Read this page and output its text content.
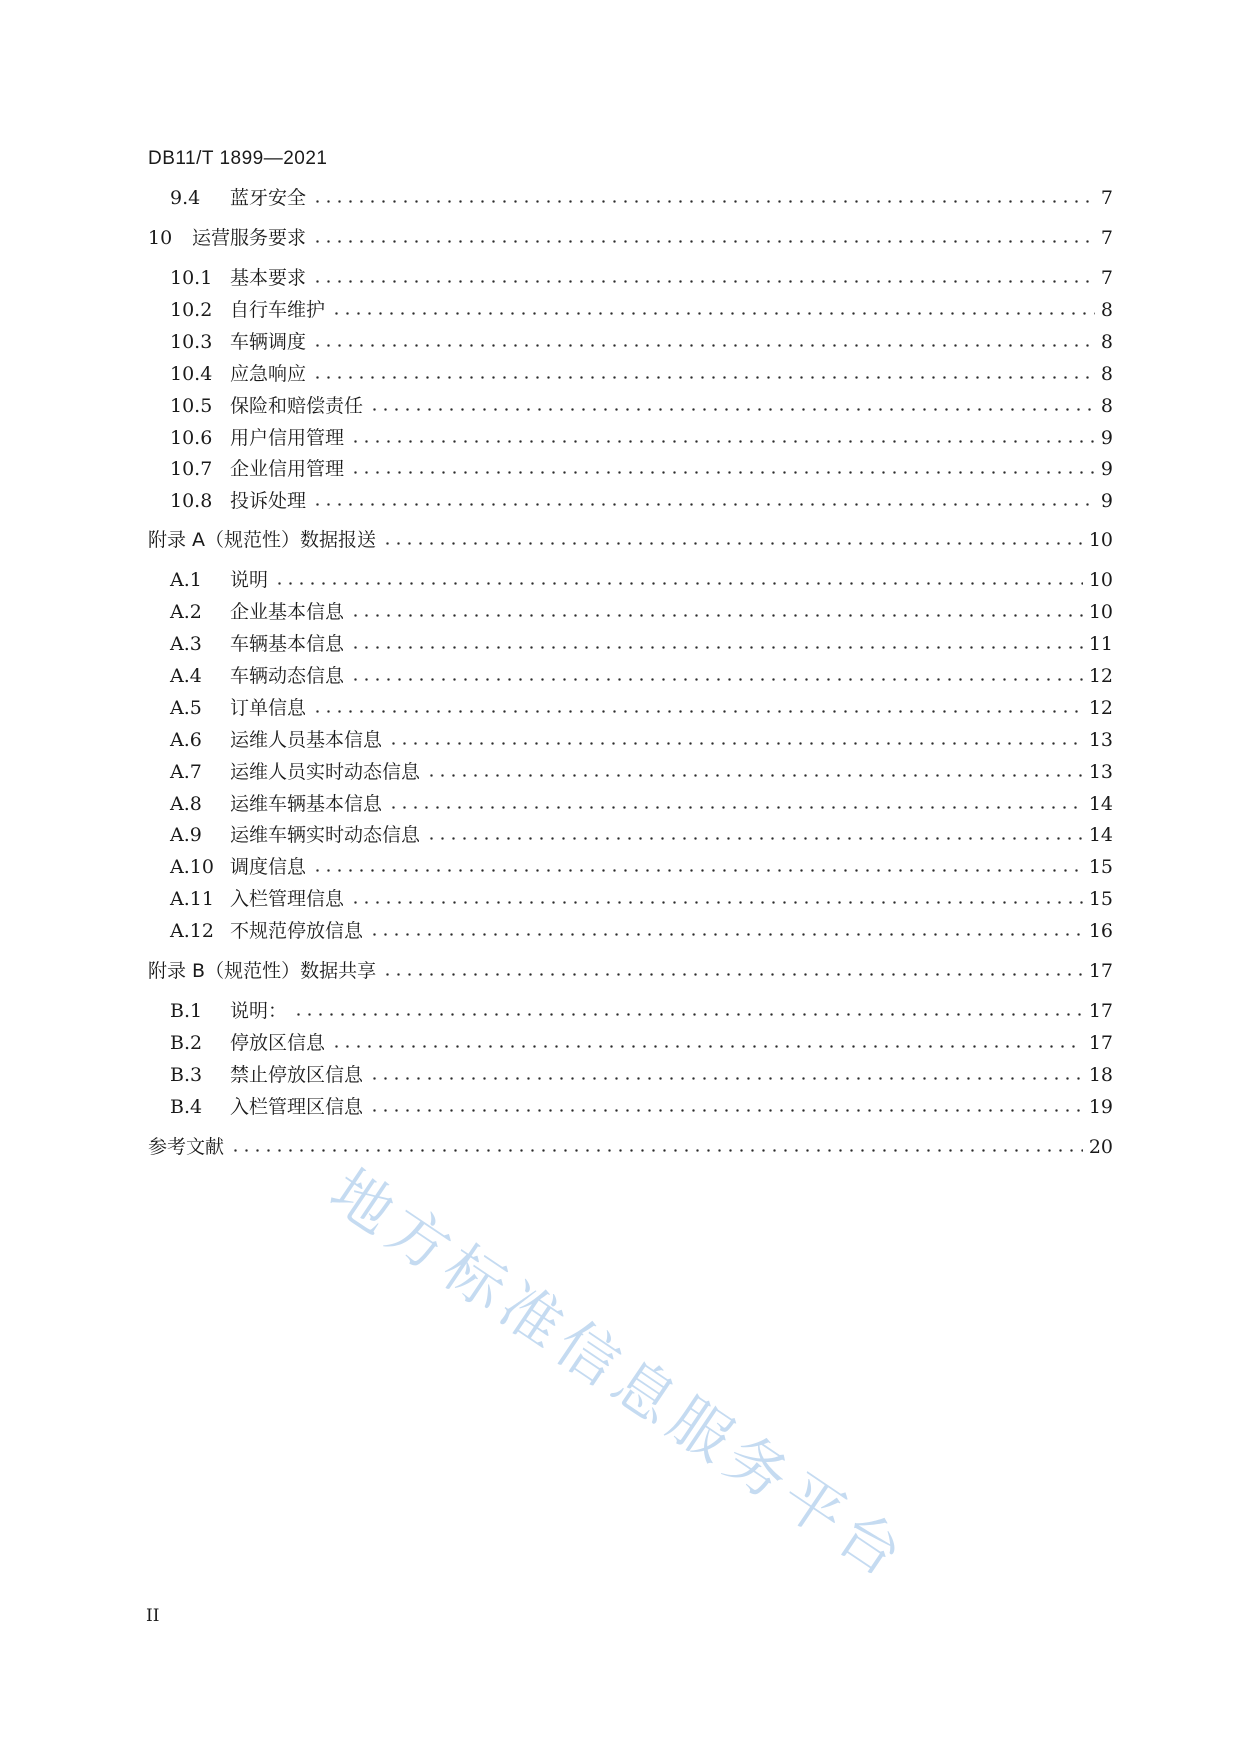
DB11/T 1899—2021
9.4	蓝牙安全	7
10	运营服务要求	7
10.1 基本要求	7
10.2 自行车维护	8
10.3 车辆调度	8
10.4 应急响应	8
10.5 保险和赔偿责任	8
10.6 用户信用管理	9
10.7 企业信用管理	9
10.8 投诉处理	9
附录 A（规范性）数据报送	10
A.1	说明	10
A.2	企业基本信息	10
A.3	车辆基本信息	11
A.4	车辆动态信息	12
A.5	订单信息	12
A.6	运维人员基本信息	13
A.7	运维人员实时动态信息	13
A.8	运维车辆基本信息	14
A.9	运维车辆实时动态信息	14
A.10 调度信息	15
A.11 入栏管理信息	15
A.12 不规范停放信息	16
附录 B（规范性）数据共享	17
B.1	说明：	17
B.2	停放区信息	17
B.3	禁止停放区信息	18
B.4	入栏管理区信息	19
参考文献	20
地方标准信息服务平台
II
